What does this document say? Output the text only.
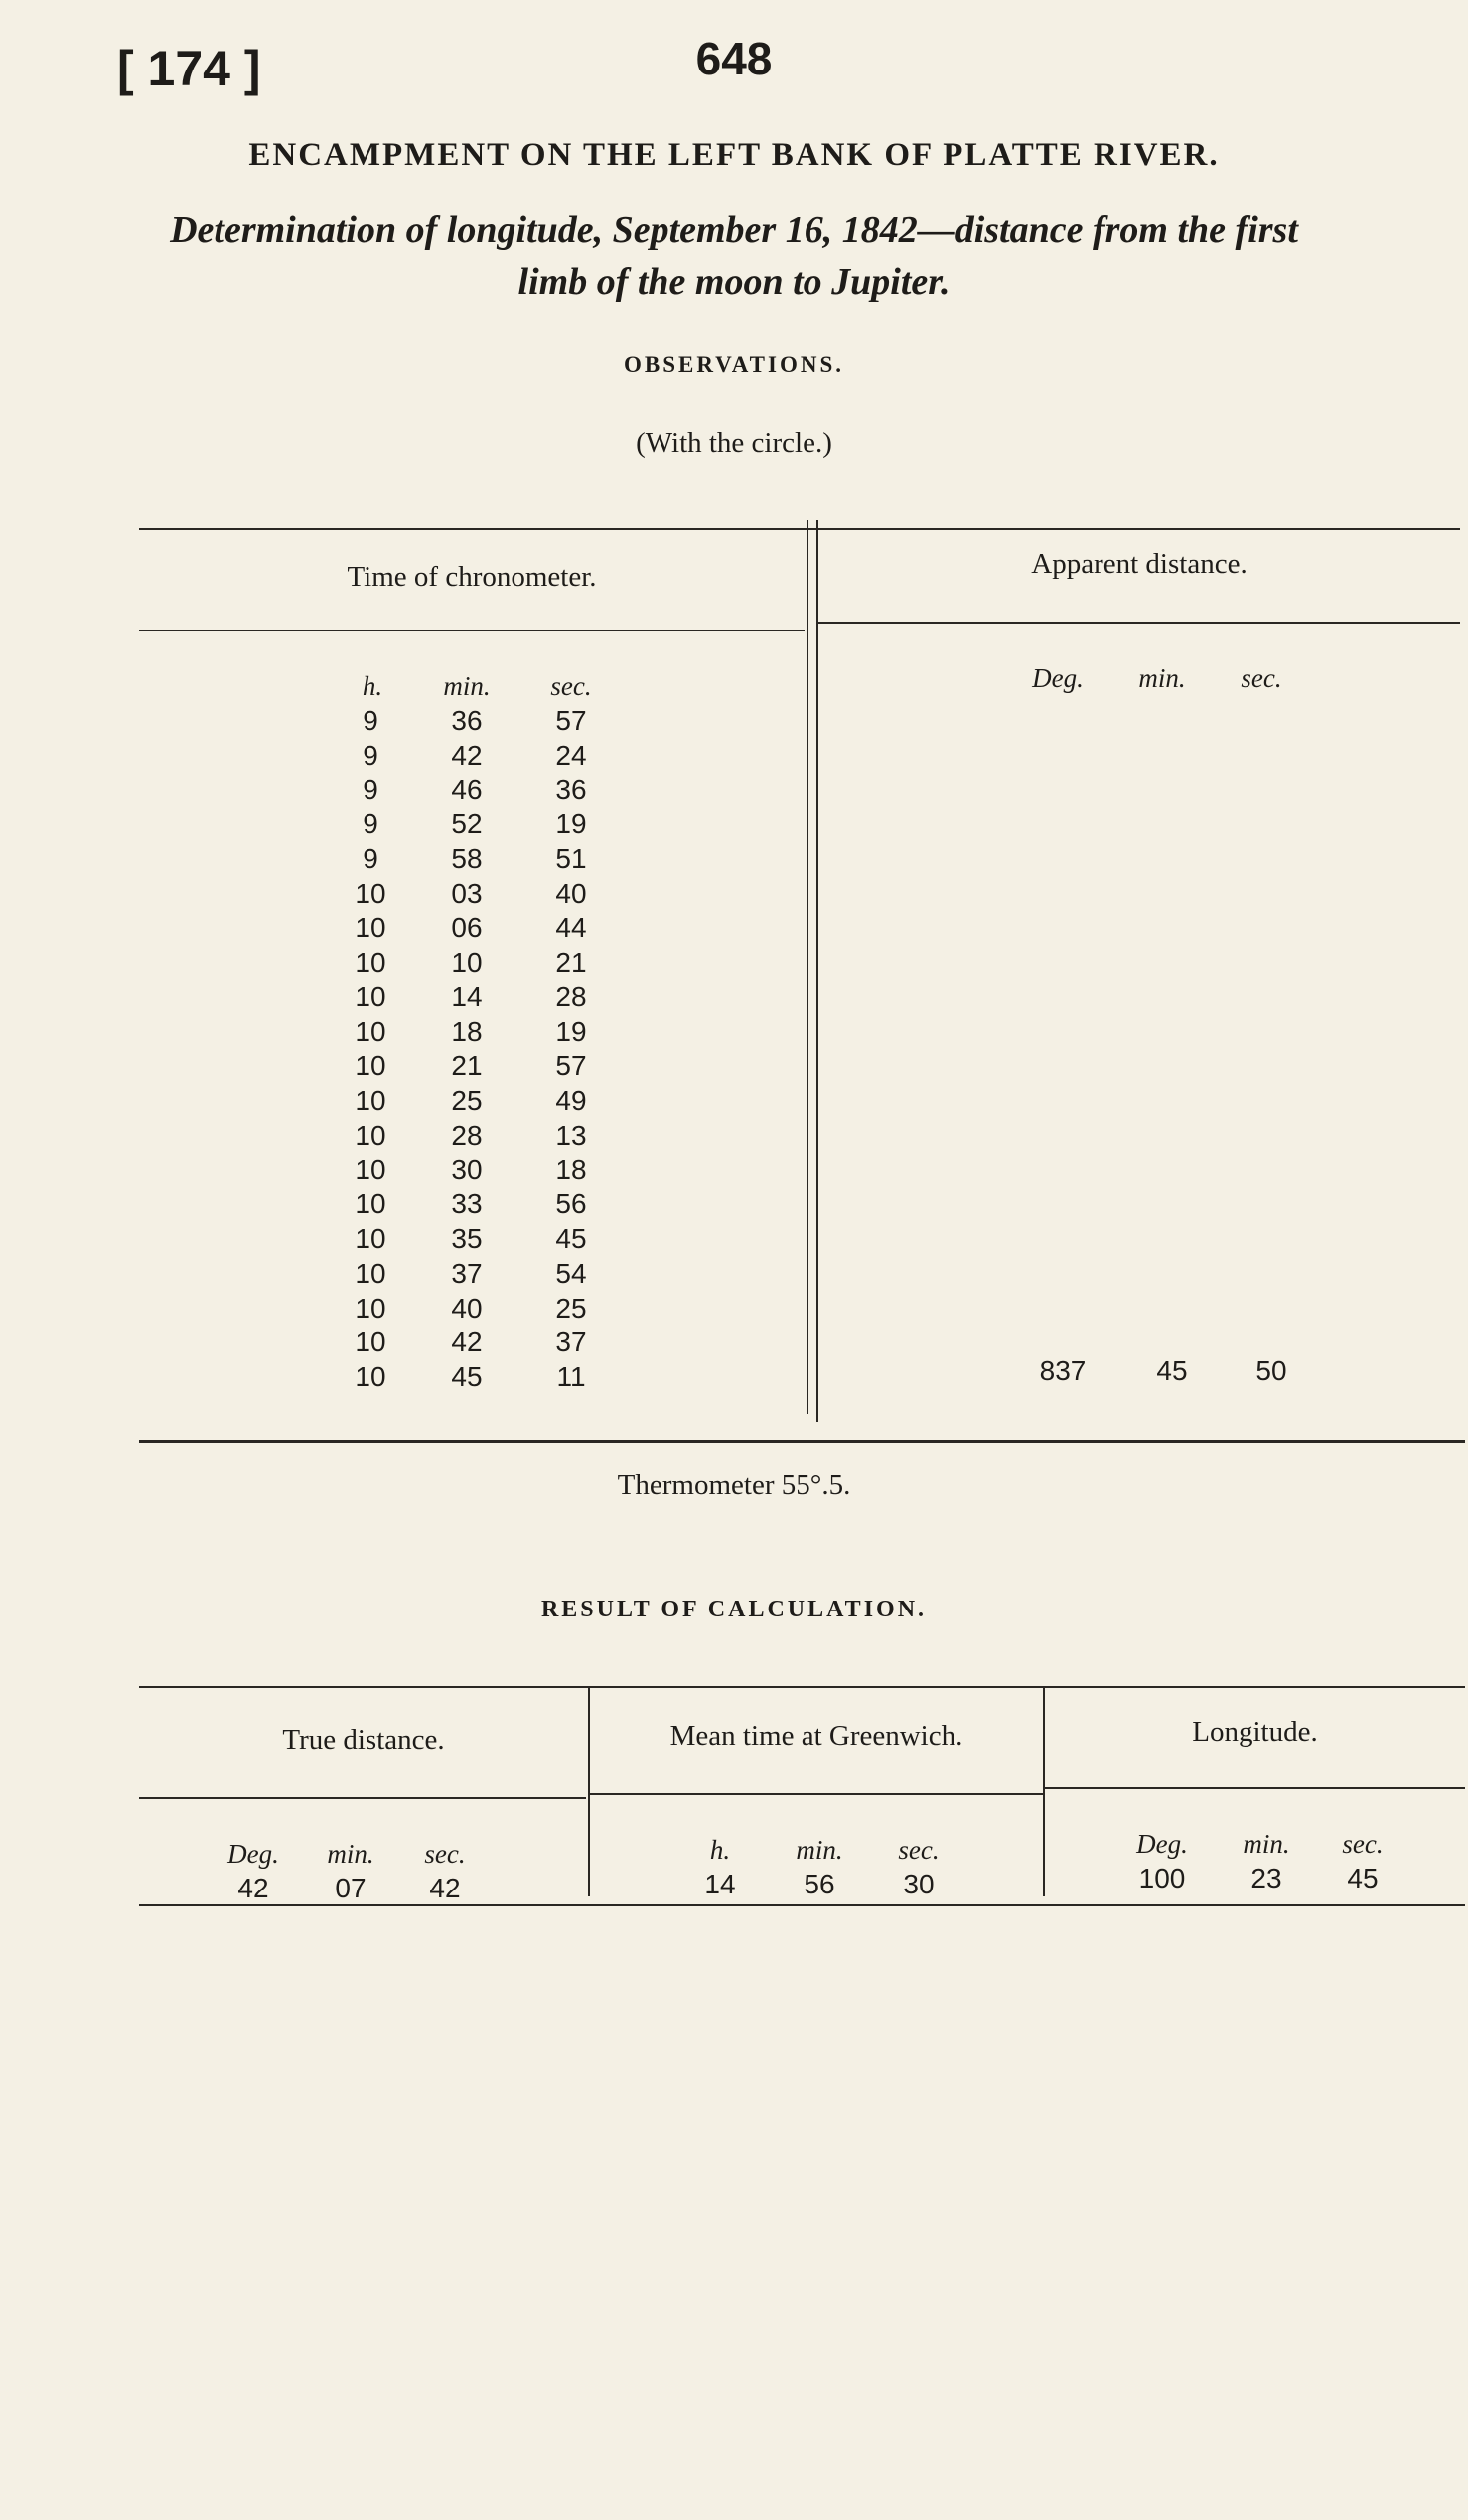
[ 174 ]	648
ENCAMPMENT ON THE LEFT BANK OF PLATTE RIVER.
Determination of longitude, September 16, 1842—distance from the first
limb of the moon to Jupiter.
OBSERVATIONS.
(With the circle.)
Time of chronometer.	Apparent distance.
h.	min.	sec.	Deg.	min.	sec.
9	36	57
9	42	24
9	46	36
9	52	19
9	58	51
10	03	40
10	06	44
10	10	21
10	14	28
10	18	19
10	21	57
10	25	49
10	28	13
10	30	18
10	33	56
10	35	45
10	37	54
10	40	25
10	42	37
10	45	11	837	45	50
Thermometer 55°.5.
RESULT OF CALCULATION.
True distance.	Mean time at Greenwich.	Longitude.
Deg.	min.	sec.
42	07	42
h.	min.	sec.
14	56	30
Deg.	min.	sec.
100	23	45
